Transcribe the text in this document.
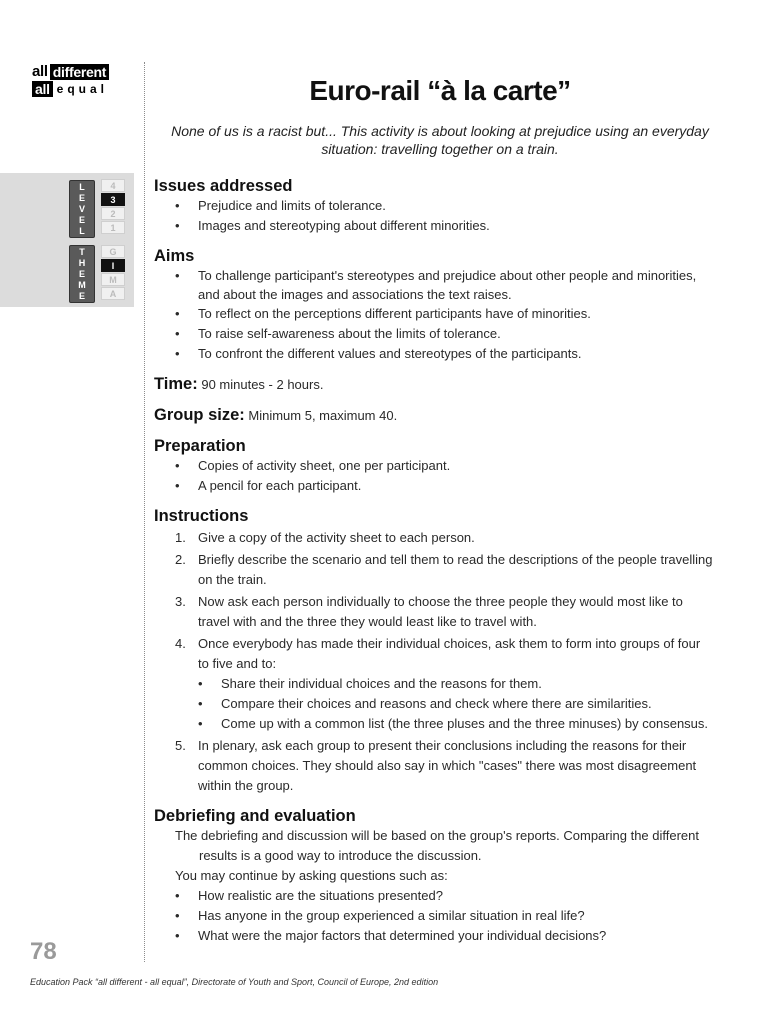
all different
all equal
L
E
V
E
L
4
3
2
1
T
H
E
M
E
G
I
M
A
Euro-rail “à la carte”
None of us is a racist but... This activity is about looking at prejudice using an everyday situation: travelling together on a train.
Issues addressed
• Prejudice and limits of tolerance.
• Images and stereotyping about different minorities.
Aims
• To challenge participant's stereotypes and prejudice about other people and minorities, and about the images and associations the text raises.
• To reflect on the perceptions different participants have of minorities.
• To raise self-awareness about the limits of tolerance.
• To confront the different values and stereotypes of the participants.
Time: 90 minutes - 2 hours.
Group size: Minimum 5, maximum 40.
Preparation
• Copies of activity sheet, one per participant.
• A pencil for each participant.
Instructions
1. Give a copy of the activity sheet to each person.
2. Briefly describe the scenario and tell them to read the descriptions of the people travelling on the train.
3. Now ask each person individually to choose the three people they would most like to travel with and the three they would least like to travel with.
4. Once everybody has made their individual choices, ask them to form into groups of four to five and to:
• Share their individual choices and the reasons for them.
• Compare their choices and reasons and check where there are similarities.
• Come up with a common list (the three pluses and the three minuses) by consensus.
5. In plenary, ask each group to present their conclusions including the reasons for their common choices. They should also say in which "cases" there was most disagreement within the group.
Debriefing and evaluation
The debriefing and discussion will be based on the group's reports. Comparing the different results is a good way to introduce the discussion.
You may continue by asking questions such as:
• How realistic are the situations presented?
• Has anyone in the group experienced a similar situation in real life?
• What were the major factors that determined your individual decisions?
78
Education Pack “all different - all equal”, Directorate of Youth and Sport, Council of Europe, 2nd edition
